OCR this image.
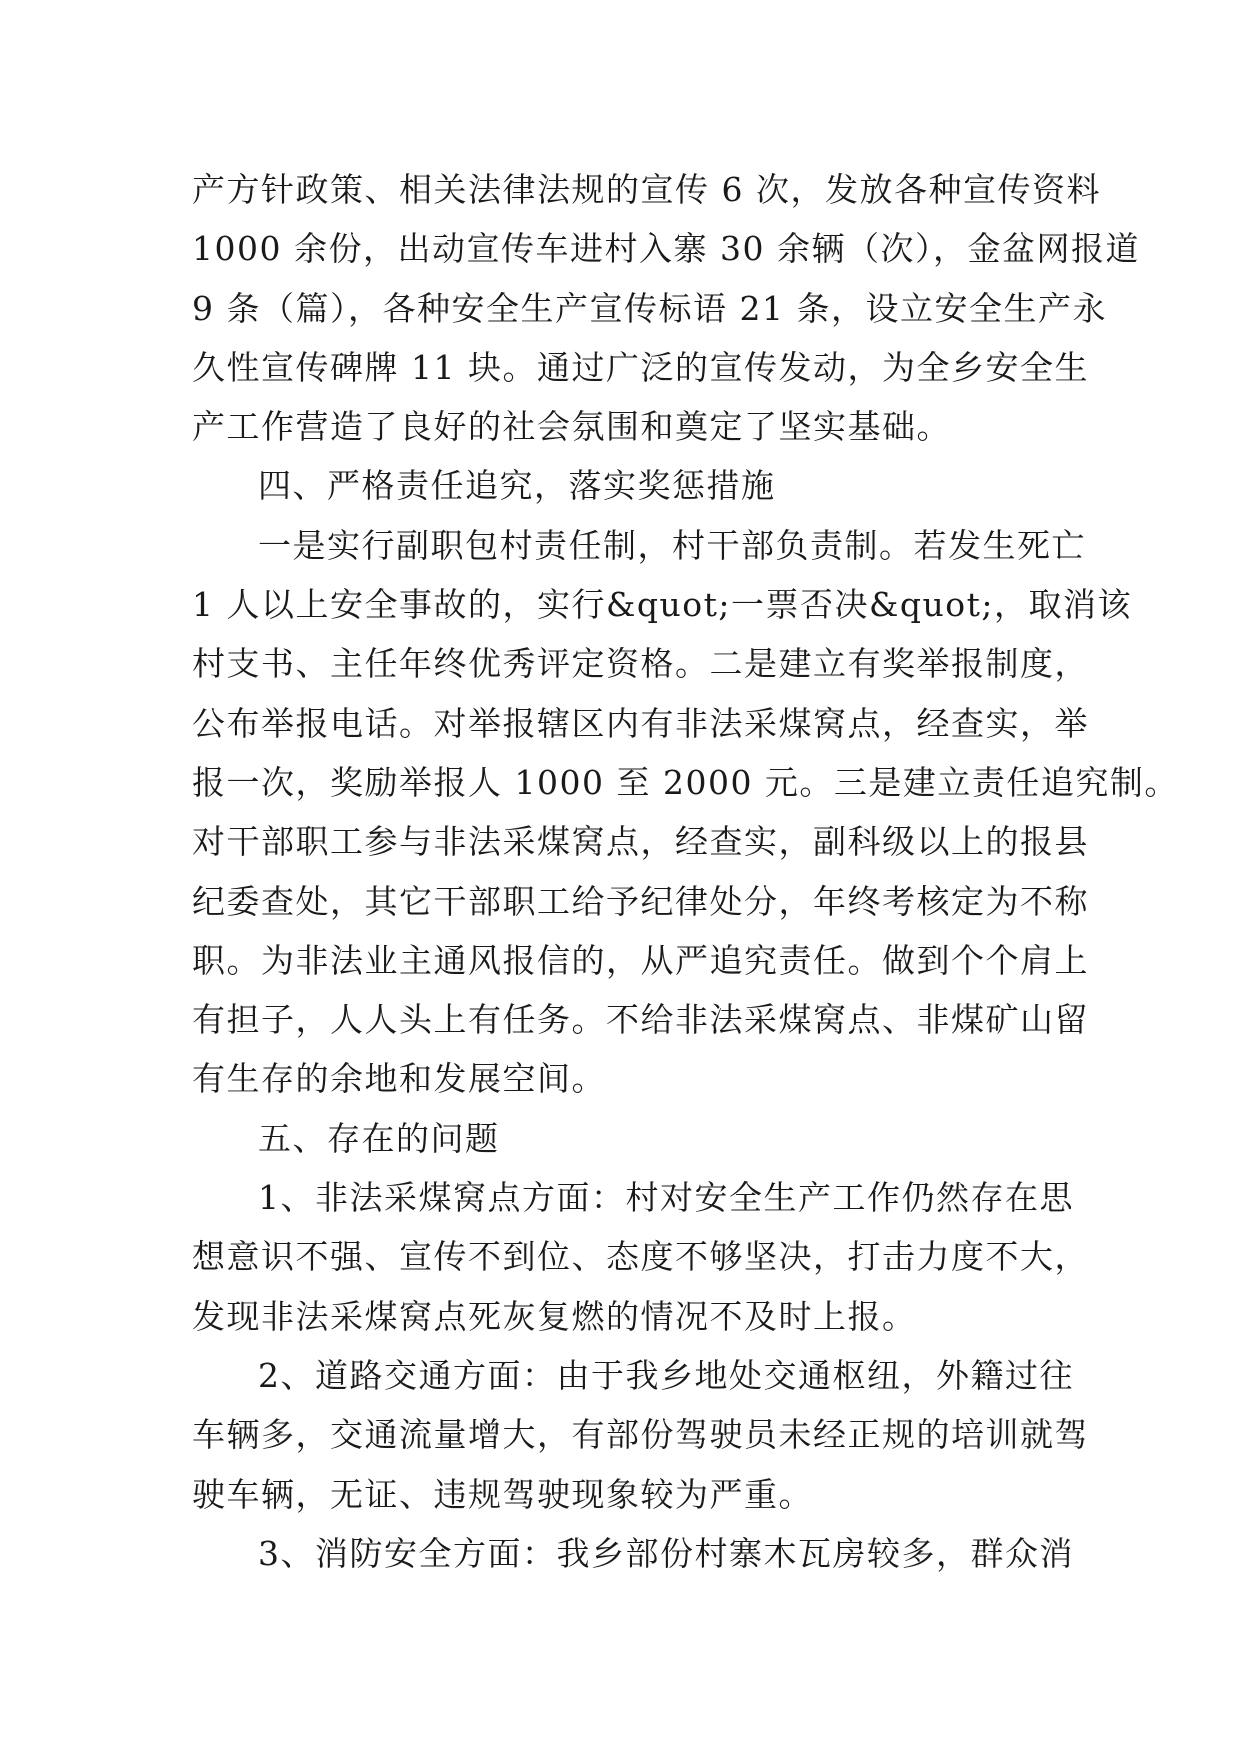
产方针政策、相关法律法规的宣传 6 次，发放各种宣传资料
1000 余份，出动宣传车进村入寨 30 余辆（次），金盆网报道
9 条（篇），各种安全生产宣传标语 21 条，设立安全生产永
久性宣传碑牌 11 块。通过广泛的宣传发动，为全乡安全生
产工作营造了良好的社会氛围和奠定了坚实基础。
四、严格责任追究，落实奖惩措施
一是实行副职包村责任制，村干部负责制。若发生死亡
1 人以上安全事故的，实行&quot;一票否决&quot;，取消该
村支书、主任年终优秀评定资格。二是建立有奖举报制度，
公布举报电话。对举报辖区内有非法采煤窝点，经查实，举
报一次，奖励举报人 1000 至 2000 元。三是建立责任追究制。
对干部职工参与非法采煤窝点，经查实，副科级以上的报县
纪委查处，其它干部职工给予纪律处分，年终考核定为不称
职。为非法业主通风报信的，从严追究责任。做到个个肩上
有担子，人人头上有任务。不给非法采煤窝点、非煤矿山留
有生存的余地和发展空间。
五、存在的问题
1、非法采煤窝点方面：村对安全生产工作仍然存在思
想意识不强、宣传不到位、态度不够坚决，打击力度不大，
发现非法采煤窝点死灰复燃的情况不及时上报。
2、道路交通方面：由于我乡地处交通枢纽，外籍过往
车辆多，交通流量增大，有部份驾驶员未经正规的培训就驾
驶车辆，无证、违规驾驶现象较为严重。
3、消防安全方面：我乡部份村寨木瓦房较多，群众消
